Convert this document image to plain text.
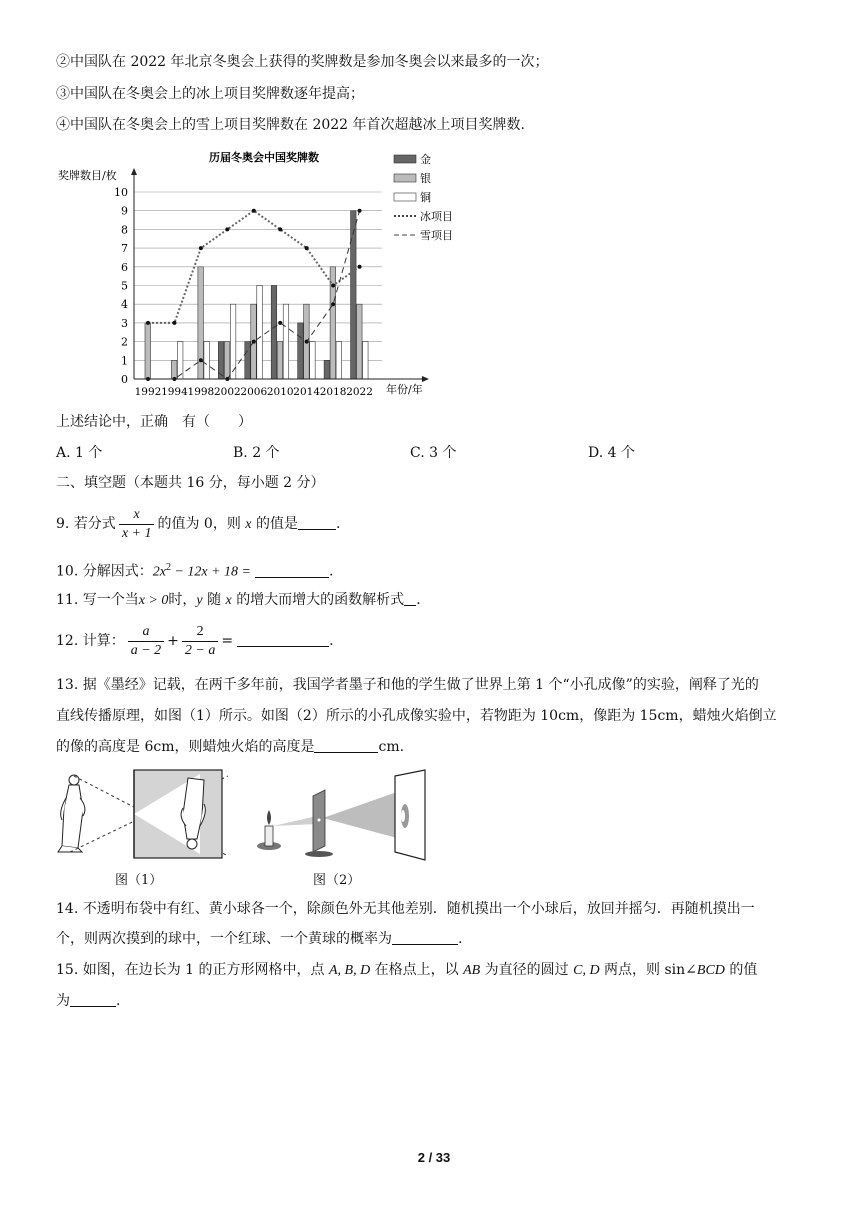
②中国队在 2022 年北京冬奥会上获得的奖牌数是参加冬奥会以来最多的一次；
③中国队在冬奥会上的冰上项目奖牌数逐年提高；
④中国队在冬奥会上的雪上项目奖牌数在 2022 年首次超越冰上项目奖牌数.
历届冬奥会中国奖牌数
奖牌数目/枚
年份/年
0
1
2
3
4
5
6
7
8
9
10
1992 1994 1998 2002 2006 2010 2014 2018 2022
金
银
铜
冰项目
雪项目
上述结论中，正确　有（　　）
A. 1 个	B. 2 个	C. 3 个	D. 4 个
二、填空题（本题共 16 分，每小题 2 分）
9. 若分式 $\frac{x}{x + 1}$ 的值为 0，则 x 的值是	.
10. 分解因式：$2x^2 - 12x + 18$ =	.
11. 写一个当x > 0时，y 随 x 的增大而增大的函数解析式 .
12. 计算： $\frac{a}{a - 2} + \frac{2}{2 - a}$ =	.
13. 据《墨经》记载，在两千多年前，我国学者墨子和他的学生做了世界上第 1 个“小孔成像”的实验，阐释了光的
直线传播原理，如图（1）所示。如图（2）所示的小孔成像实验中，若物距为 10cm，像距为 15cm，蜡烛火焰倒立
的像的高度是 6cm，则蜡烛火焰的高度是	cm.
图（1）	图（2）
14. 不透明布袋中有红、黄小球各一个，除颜色外无其他差别．随机摸出一个小球后，放回并摇匀．再随机摸出一
个，则两次摸到的球中，一个红球、一个黄球的概率为	.
15. 如图，在边长为 1 的正方形网格中，点 A, B, D 在格点上，以 AB 为直径的圆过 C, D 两点，则 sin∠BCD 的值
为	.
2 / 33
